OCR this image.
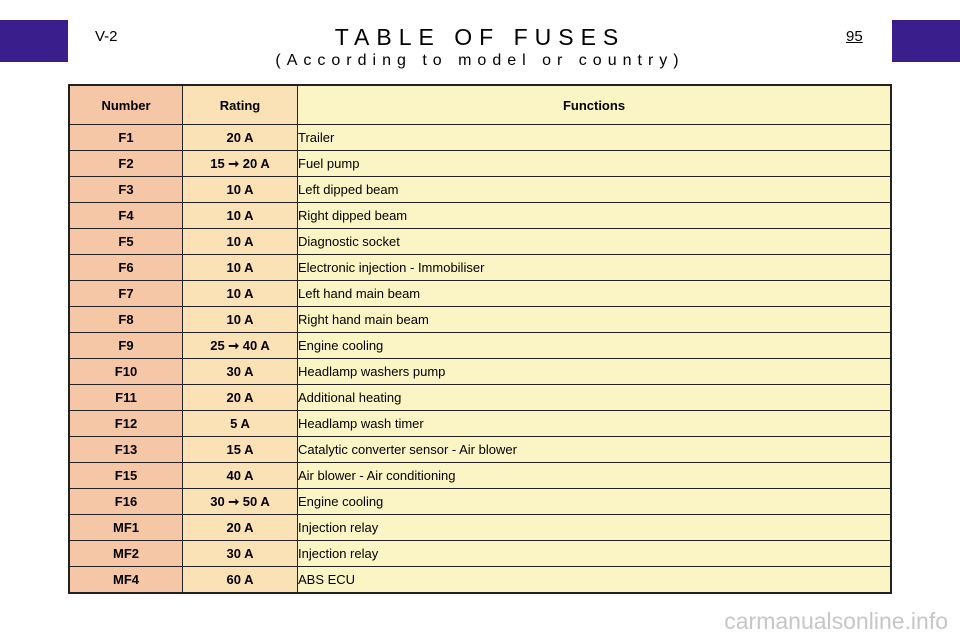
V-2	95
TABLE OF FUSES
(According to model or country)
Number	Rating	Functions
F1	20 A	Trailer
F2	15 ➞ 20 A	Fuel pump
F3	10 A	Left dipped beam
F4	10 A	Right dipped beam
F5	10 A	Diagnostic socket
F6	10 A	Electronic injection - Immobiliser
F7	10 A	Left hand main beam
F8	10 A	Right hand main beam
F9	25 ➞ 40 A	Engine cooling
F10	30 A	Headlamp washers pump
F11	20 A	Additional heating
F12	5 A	Headlamp wash timer
F13	15 A	Catalytic converter sensor - Air blower
F15	40 A	Air blower - Air conditioning
F16	30 ➞ 50 A	Engine cooling
MF1	20 A	Injection relay
MF2	30 A	Injection relay
MF4	60 A	ABS ECU
carmanualsonline.info
